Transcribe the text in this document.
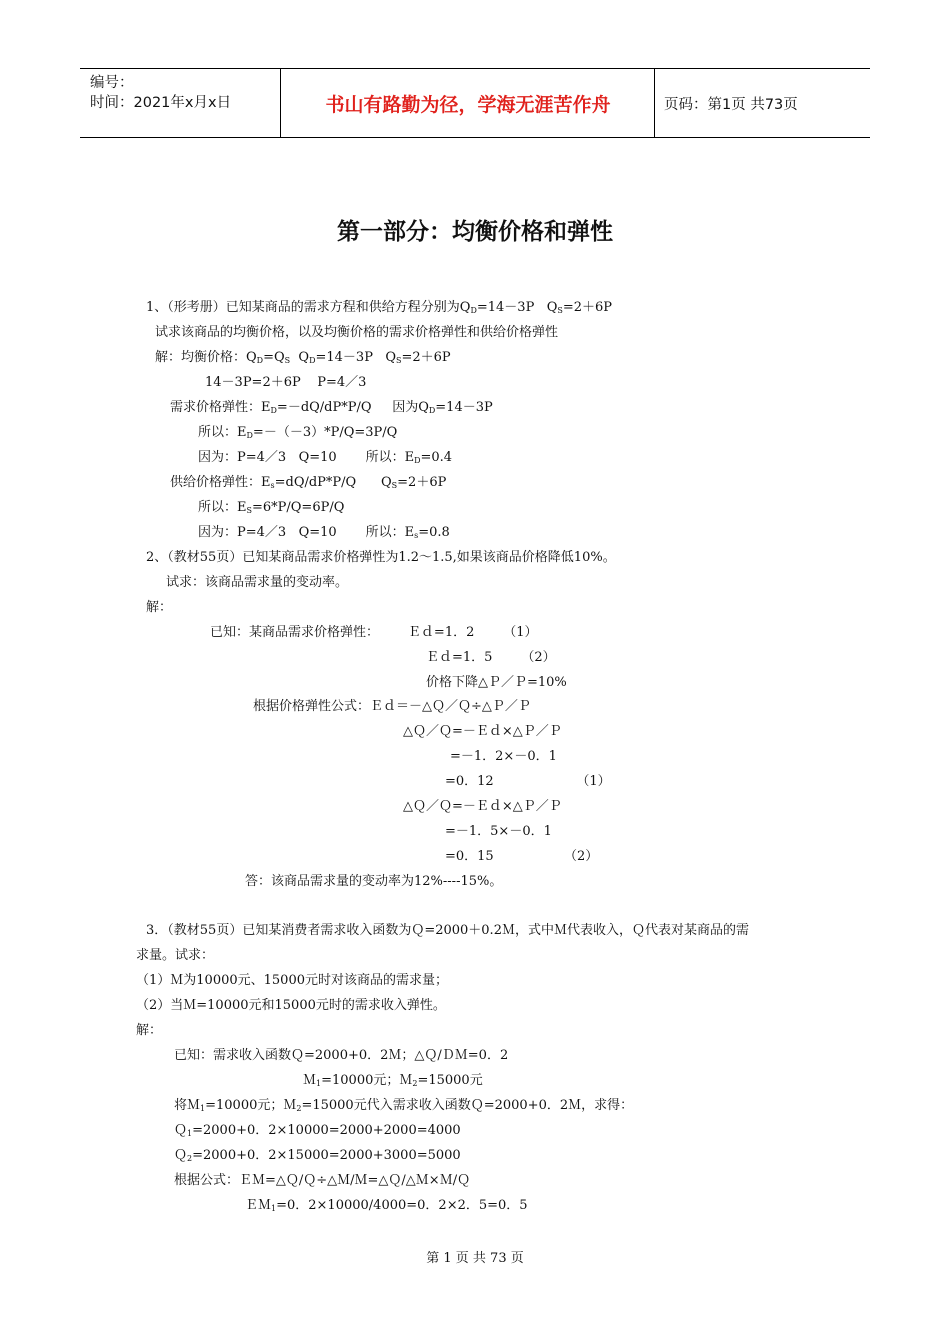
编号：
时间：2021年x月x日	书山有路勤为径，学海无涯苦作舟	页码：第1页 共73页
第一部分：均衡价格和弹性
1、（形考册）已知某商品的需求方程和供给方程分别为$Q_D=14-3P$   $Q_S=2+6P$
试求该商品的均衡价格，以及均衡价格的需求价格弹性和供给价格弹性
解：均衡价格：$Q_D=Q_S$  $Q_D=14-3P$   $Q_S=2+6P$
14－3P=2＋6P    P=4／3
需求价格弹性：$E_D=-dQ/dP*P/Q$     因为$Q_D=14-3P$
所以：$E_D=-(-3)*P/Q=3P/Q$
因为：P=4／3   Q=10       所以：$E_D=0.4$
供给价格弹性：$E_s=dQ/dP*P/Q$      $Q_S=2+6P$
所以：$E_S=6*P/Q=6P/Q$
因为：P=4／3   Q=10       所以：$E_s=0.8$
2、（教材55页）已知某商品需求价格弹性为1.2～1.5,如果该商品价格降低10%。
试求：该商品需求量的变动率。
解：
已知：某商品需求价格弹性：       Ｅｄ=1．2       （1）
Ｅｄ=1．5       （2）
价格下降△Ｐ／Ｐ=10%
根据价格弹性公式：Ｅｄ＝－△Ｑ／Ｑ÷△Ｐ／Ｐ
△Ｑ／Ｑ=－Ｅｄ×△Ｐ／Ｐ
=－1．2×－0．1
=0．12                    （1）
△Ｑ／Ｑ=－Ｅｄ×△Ｐ／Ｐ
=－1．5×－0．1
=0．15                 （2）
答：该商品需求量的变动率为12%----15%。
3．（教材55页）已知某消费者需求收入函数为Ｑ=2000＋0.2Ｍ，式中Ｍ代表收入，Ｑ代表对某商品的需
求量。试求：
（1）Ｍ为10000元、15000元时对该商品的需求量；
（2）当Ｍ=10000元和15000元时的需求收入弹性。
解：
已知：需求收入函数Ｑ=2000+0．2Ｍ；△Ｑ/ＤＭ=0．2
Ｍ$_1$=10000元；Ｍ$_2$=15000元
将Ｍ$_1$=10000元；Ｍ$_2$=15000元代入需求收入函数Ｑ=2000+0．2Ｍ，求得：
Ｑ$_1$=2000+0．2×10000=2000+2000=4000
Ｑ$_2$=2000+0．2×15000=2000+3000=5000
根据公式：ＥＭ=△Ｑ/Ｑ÷△Ｍ/Ｍ=△Ｑ/△Ｍ×Ｍ/Ｑ
ＥＭ$_1$=0．2×10000/4000=0．2×2．5=0．5
第 1 页 共 73 页
